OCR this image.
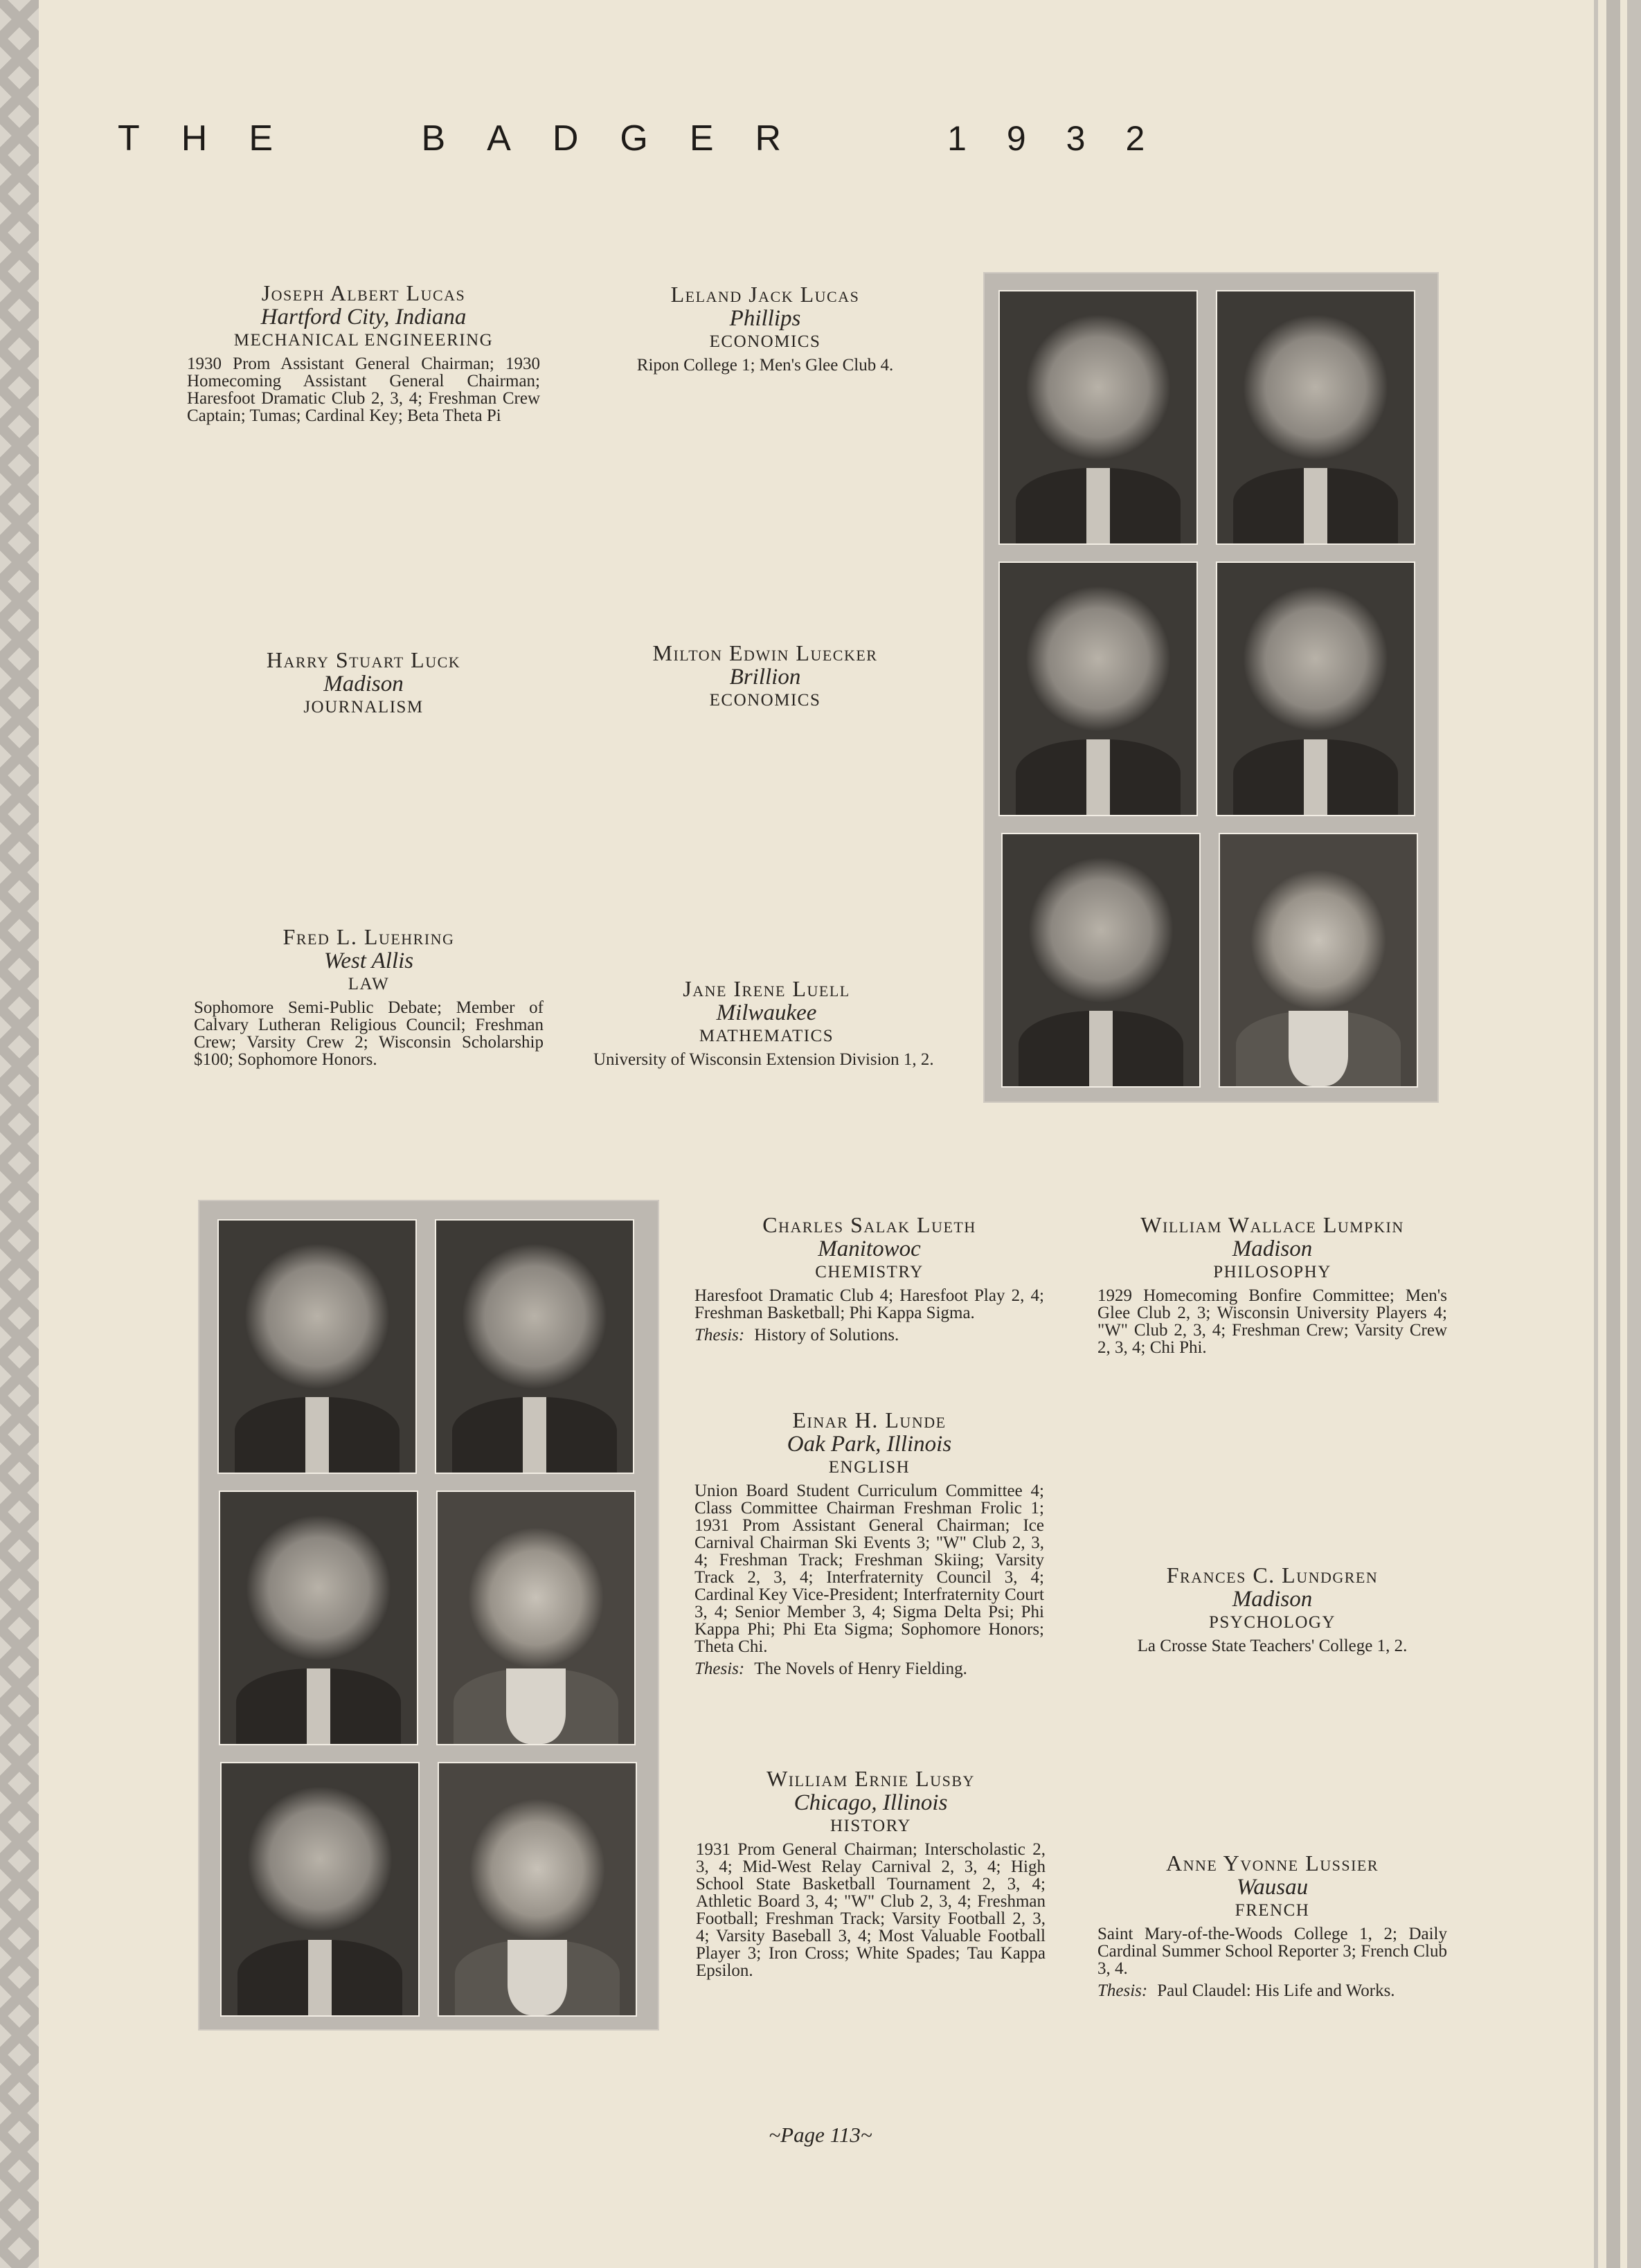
THE BADGER	1932
Joseph Albert Lucas
Hartford City, Indiana
MECHANICAL ENGINEERING
1930 Prom Assistant General Chairman; 1930 Homecoming Assistant General Chairman; Haresfoot Dramatic Club 2, 3, 4; Freshman Crew Captain; Tumas; Cardinal Key; Beta Theta Pi
Leland Jack Lucas
Phillips
ECONOMICS
Ripon College 1; Men's Glee Club 4.
Harry Stuart Luck
Madison
JOURNALISM
Milton Edwin Luecker
Brillion
ECONOMICS
Fred L. Luehring
West Allis
LAW
Sophomore Semi-Public Debate; Member of Calvary Lutheran Religious Council; Freshman Crew; Varsity Crew 2; Wisconsin Scholarship $100; Sophomore Honors.
Jane Irene Luell
Milwaukee
MATHEMATICS
University of Wisconsin Extension Division 1, 2.
Charles Salak Lueth
Manitowoc
CHEMISTRY
Haresfoot Dramatic Club 4; Haresfoot Play 2, 4; Freshman Basketball; Phi Kappa Sigma.
Thesis: History of Solutions.
Einar H. Lunde
Oak Park, Illinois
ENGLISH
Union Board Student Curriculum Committee 4; Class Committee Chairman Freshman Frolic 1; 1931 Prom Assistant General Chairman; Ice Carnival Chairman Ski Events 3; "W" Club 2, 3, 4; Freshman Track; Freshman Skiing; Varsity Track 2, 3, 4; Interfraternity Council 3, 4; Cardinal Key Vice-President; Interfraternity Court 3, 4; Senior Member 3, 4; Sigma Delta Psi; Phi Kappa Phi; Phi Eta Sigma; Sophomore Honors; Theta Chi.
Thesis: The Novels of Henry Fielding.
William Ernie Lusby
Chicago, Illinois
HISTORY
1931 Prom General Chairman; Interscholastic 2, 3, 4; Mid-West Relay Carnival 2, 3, 4; High School State Basketball Tournament 2, 3, 4; Athletic Board 3, 4; "W" Club 2, 3, 4; Freshman Football; Freshman Track; Varsity Football 2, 3, 4; Varsity Baseball 3, 4; Most Valuable Football Player 3; Iron Cross; White Spades; Tau Kappa Epsilon.
William Wallace Lumpkin
Madison
PHILOSOPHY
1929 Homecoming Bonfire Committee; Men's Glee Club 2, 3; Wisconsin University Players 4; "W" Club 2, 3, 4; Freshman Crew; Varsity Crew 2, 3, 4; Chi Phi.
Frances C. Lundgren
Madison
PSYCHOLOGY
La Crosse State Teachers' College 1, 2.
Anne Yvonne Lussier
Wausau
FRENCH
Saint Mary-of-the-Woods College 1, 2; Daily Cardinal Summer School Reporter 3; French Club 3, 4.
Thesis: Paul Claudel: His Life and Works.
~Page 113~
